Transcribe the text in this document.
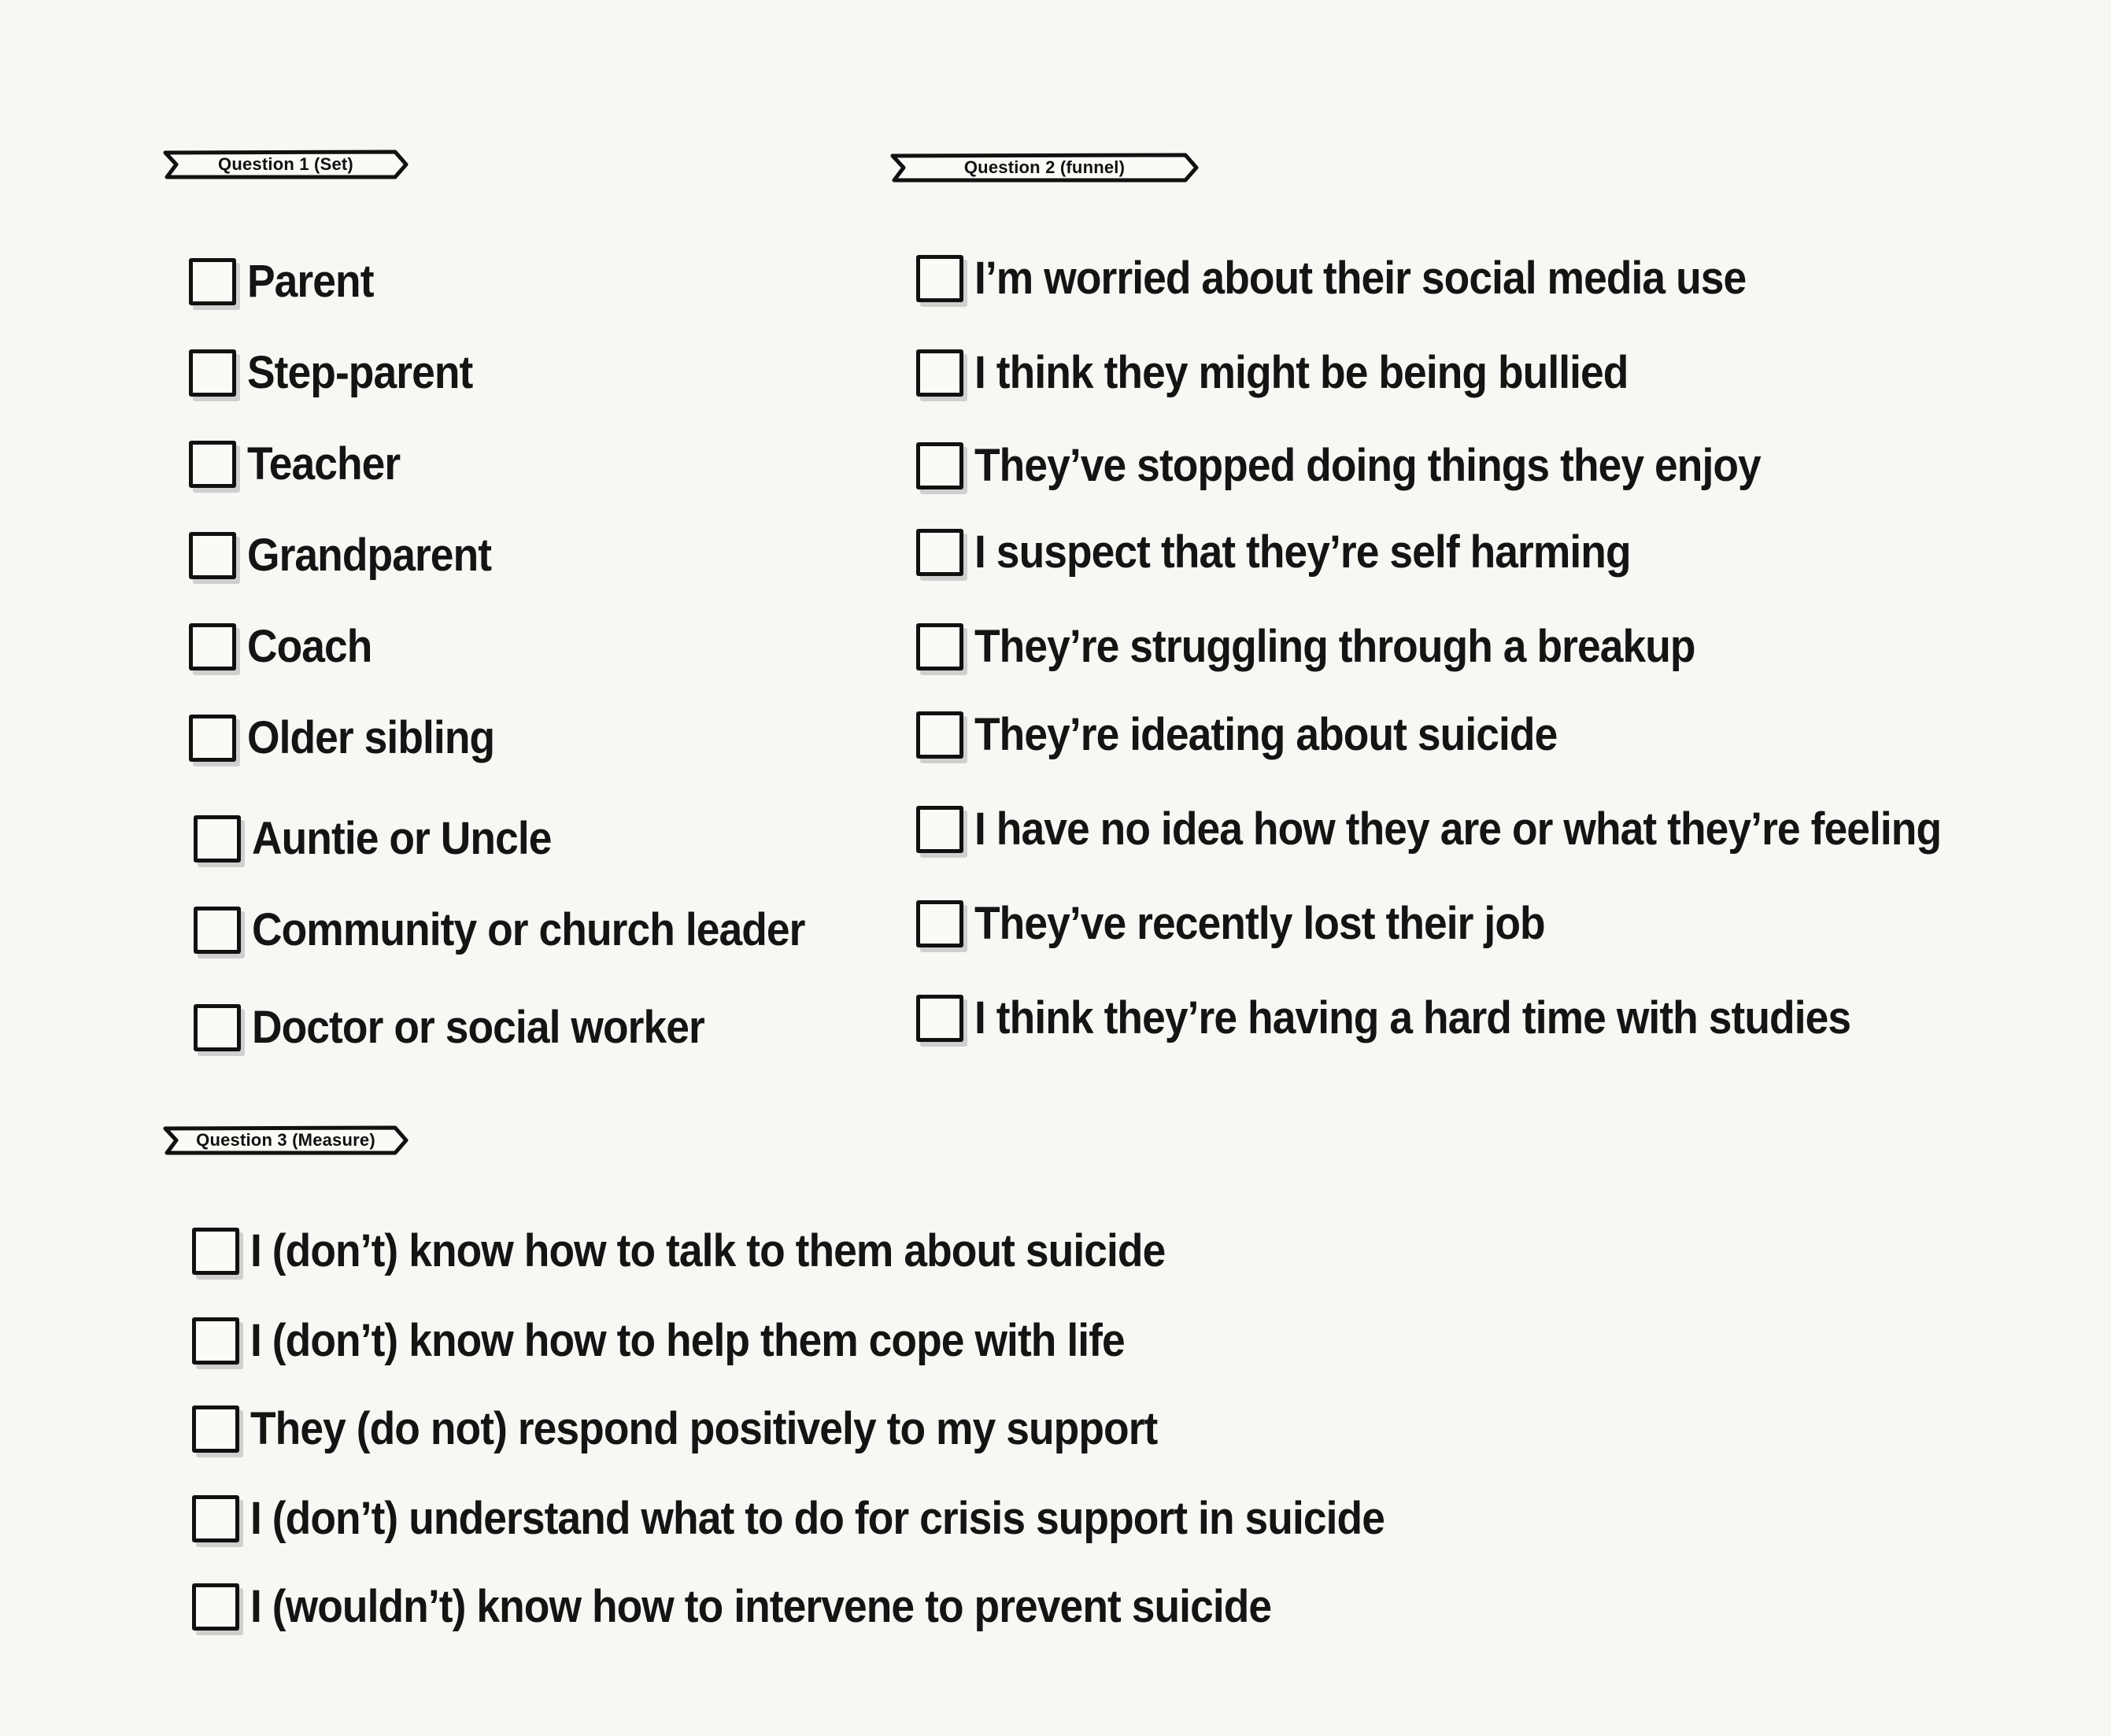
Question 1 (Set)
Parent
Step-parent
Teacher
Grandparent
Coach
Older sibling
Auntie or Uncle
Community or church leader
Doctor or social worker
Question 2 (funnel)
I’m worried about their social media use
I think they might be being bullied
They’ve stopped doing things they enjoy
I suspect that they’re self harming
They’re struggling through a breakup
They’re ideating about suicide
I have no idea how they are or what they’re feeling
They’ve recently lost their job
I think they’re having a hard time with studies
Question 3 (Measure)
I (don’t) know how to talk to them about suicide
I (don’t) know how to help them cope with life
They (do not) respond positively to my support
I (don’t) understand what to do for crisis support in suicide
I (wouldn’t) know how to intervene to prevent suicide
